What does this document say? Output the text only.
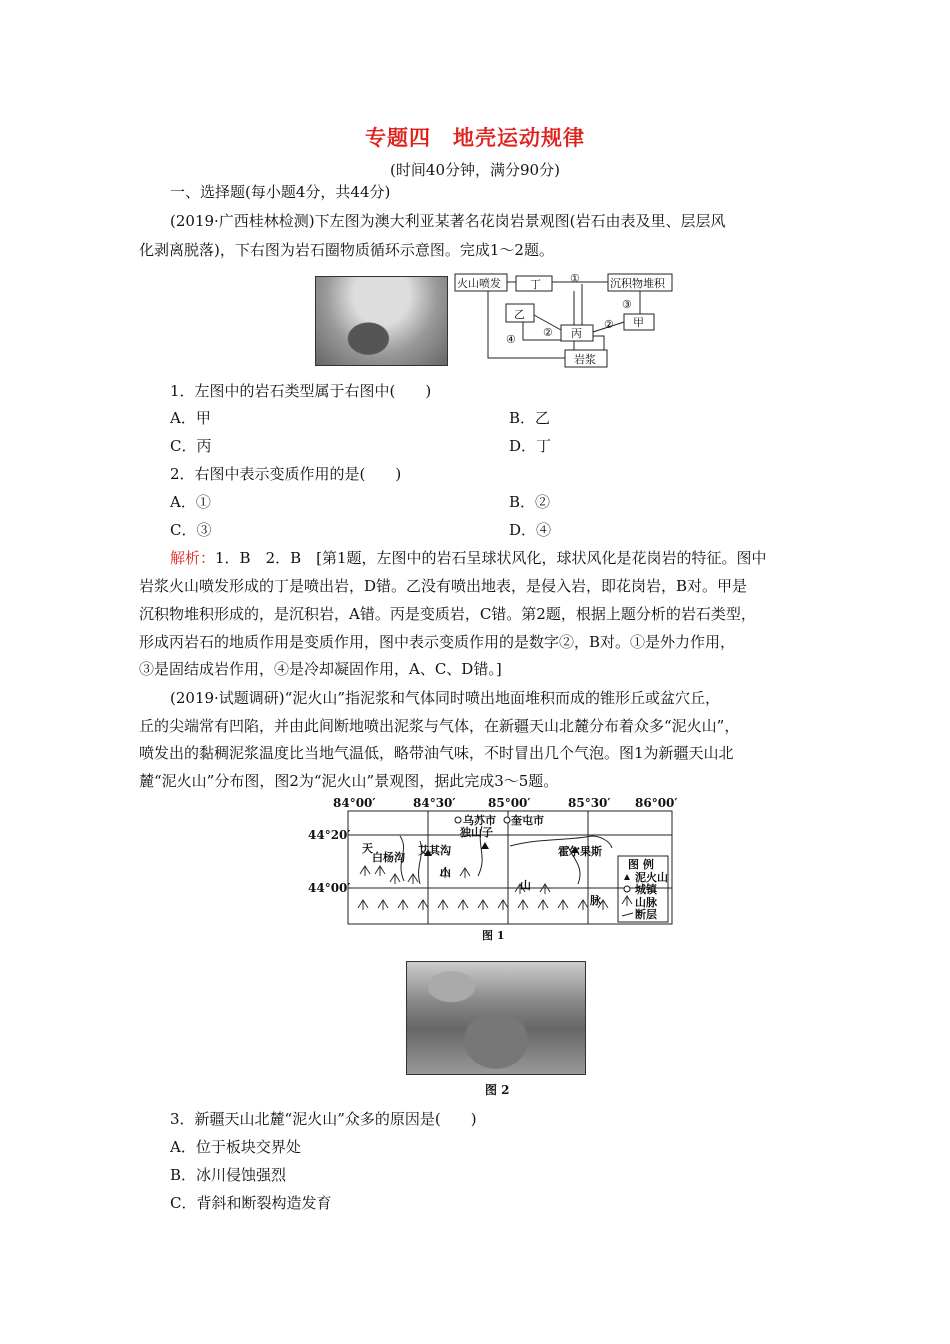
专题四　地壳运动规律
(时间40分钟，满分90分)
一、选择题(每小题4分，共44分)
(2019·广西桂林检测)下左图为澳大利亚某著名花岗岩景观图(岩石由表及里、层层风
化剥离脱落)，下右图为岩石圈物质循环示意图。完成1～2题。
火山喷发	丁	沉积物堆积
乙
丙
甲
岩浆
①
②
②
③
④
1．左图中的岩石类型属于右图中(　　)
A．甲	B．乙
C．丙	D．丁
2．右图中表示变质作用的是(　　)
A．①	B．②
C．③	D．④
解析：1．B　2．B　[第1题，左图中的岩石呈球状风化，球状风化是花岗岩的特征。图中
岩浆火山喷发形成的丁是喷出岩，D错。乙没有喷出地表，是侵入岩，即花岗岩，B对。甲是
沉积物堆积形成的，是沉积岩，A错。丙是变质岩，C错。第2题，根据上题分析的岩石类型，
形成丙岩石的地质作用是变质作用，图中表示变质作用的是数字②，B对。①是外力作用，
③是固结成岩作用，④是冷却凝固作用，A、C、D错。]
(2019·试题调研)“泥火山”指泥浆和气体同时喷出地面堆积而成的锥形丘或盆穴丘，
丘的尖端常有凹陷，并由此间断地喷出泥浆与气体，在新疆天山北麓分布着众多“泥火山”，
喷发出的黏稠泥浆温度比当地气温低，略带油气味，不时冒出几个气泡。图1为新疆天山北
麓“泥火山”分布图，图2为“泥火山”景观图，据此完成3～5题。
84°00′	84°30′	85°00′	85°30′ 86°00′
44°20′
44°00′
乌苏市 奎屯市
独山子
天
白杨沟
艾其沟
山
山
霍尔果斯
脉
图 例
泥火山
城镇
山脉
断层
图 1
图 2
3．新疆天山北麓“泥火山”众多的原因是(　　)
A．位于板块交界处
B．冰川侵蚀强烈
C．背斜和断裂构造发育
